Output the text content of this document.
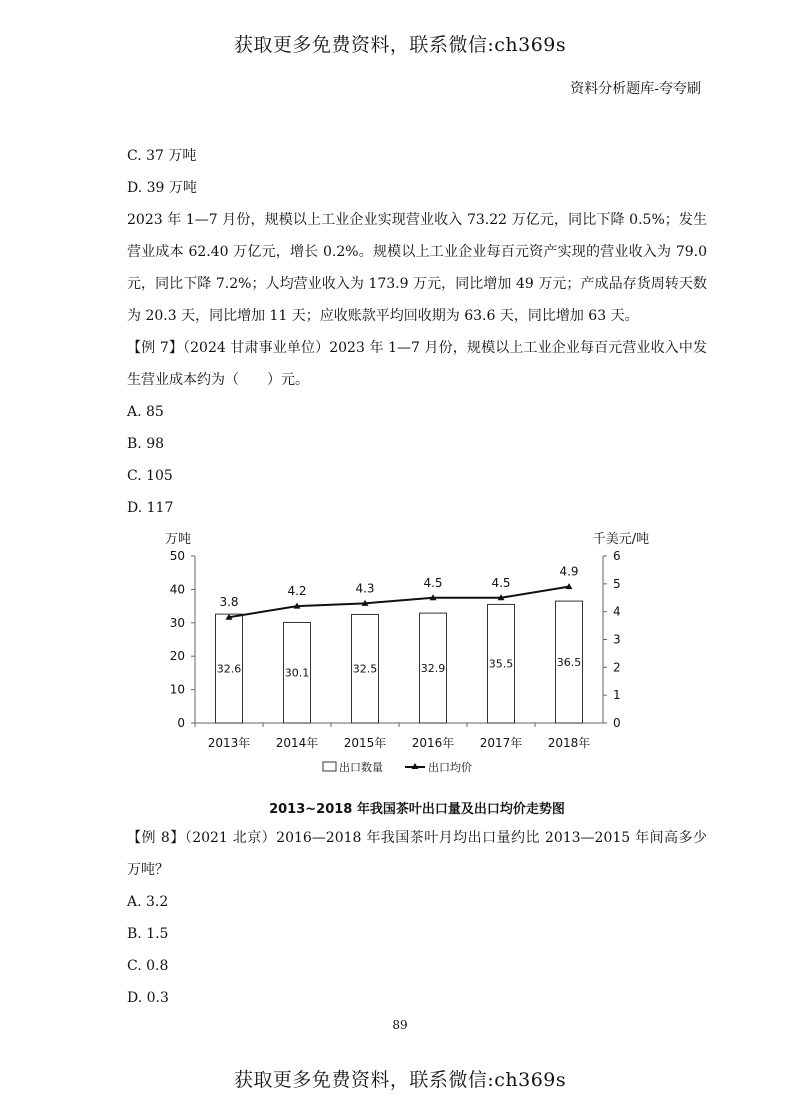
获取更多免费资料，联系微信:ch369s
资料分析题库-夸夸刷

C. 37 万吨

D. 39 万吨

2023 年 1—7 月份，规模以上工业企业实现营业收入 73.22 万亿元，同比下降 0.5%；发生营业成本 62.40 万亿元，增长 0.2%。规模以上工业企业每百元资产实现的营业收入为 79.0 元，同比下降 7.2%；人均营业收入为 173.9 万元，同比增加 49 万元；产成品存货周转天数为 20.3 天，同比增加 11 天；应收账款平均回收期为 63.6 天，同比增加 63 天。

【例 7】（2024 甘肃事业单位）2023 年 1—7 月份，规模以上工业企业每百元营业收入中发生营业成本约为（　　）元。

A. 85

B. 98

C. 105

D. 117

万吨	千美元/吨
0
10
20
30
40
50
0
1
2
3
4
5
6
32.6	30.1	32.5	32.9	35.5	36.5
2013年 2014年 2015年 2016年 2017年 2018年
3.8
4.2	4.3	4.5	4.5
4.9
出口数量	出口均价
2013~2018 年我国茶叶出口量及出口均价走势图

【例 8】（2021 北京）2016—2018 年我国茶叶月均出口量约比 2013—2015 年间高多少万吨？

A. 3.2

B. 1.5

C. 0.8

D. 0.3

89
获取更多免费资料，联系微信:ch369s
